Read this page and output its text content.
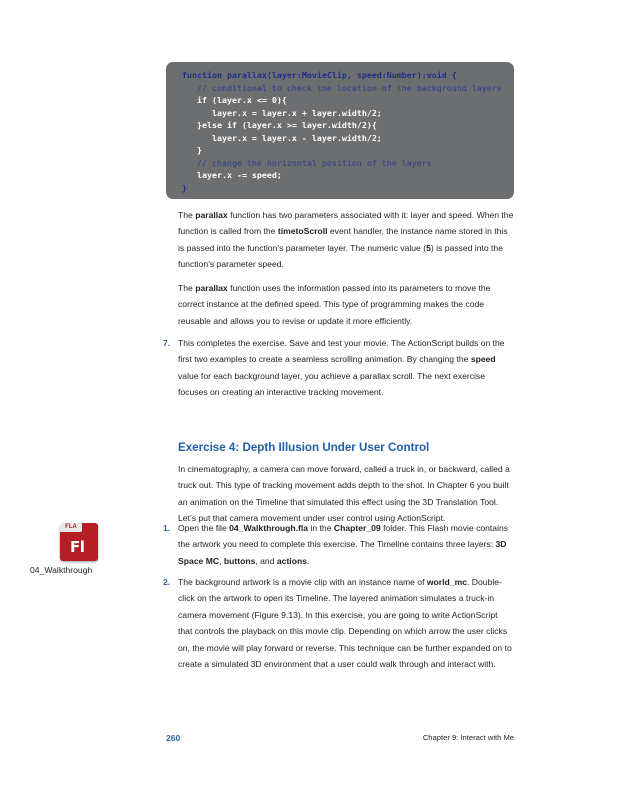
function parallax(layer:MovieClip, speed:Number):void {
// conditional to check the location of the background layers
if (layer.x <= 0){
layer.x = layer.x + layer.width/2;
}else if (layer.x >= layer.width/2){
layer.x = layer.x - layer.width/2;
}
// change the horizontal position of the layers
layer.x -= speed;
}

The parallax function has two parameters associated with it: layer and speed. When the function is called from the timetoScroll event handler, the instance name stored in this is passed into the function’s parameter layer. The numeric value (5) is passed into the function’s parameter speed.

The parallax function uses the information passed into its parameters to move the correct instance at the defined speed. This type of programming makes the code reusable and allows you to revise or update it more efficiently.

7. This completes the exercise. Save and test your movie. The ActionScript builds on the first two examples to create a seamless scrolling animation. By changing the speed value for each background layer, you achieve a parallax scroll. The next exercise focuses on creating an interactive tracking movement.

Exercise 4: Depth Illusion Under User Control

In cinematography, a camera can move forward, called a truck in, or backward, called a truck out. This type of tracking movement adds depth to the shot. In Chapter 6 you built an animation on the Timeline that simulated this effect using the 3D Translation Tool. Let’s put that camera movement under user control using ActionScript.

FLA
Fl
04_Walkthrough

1. Open the file 04_Walkthrough.fla in the Chapter_09 folder. This Flash movie contains the artwork you need to complete this exercise. The Timeline contains three layers: 3D Space MC, buttons, and actions.

2. The background artwork is a movie clip with an instance name of world_mc. Double-click on the artwork to open its Timeline. The layered animation simulates a truck-in camera movement (Figure 9.13). In this exercise, you are going to write ActionScript that controls the playback on this movie clip. Depending on which arrow the user clicks on, the movie will play forward or reverse. This technique can be further expanded on to create a simulated 3D environment that a user could walk through and interact with.

260	Chapter 9: Interact with Me
